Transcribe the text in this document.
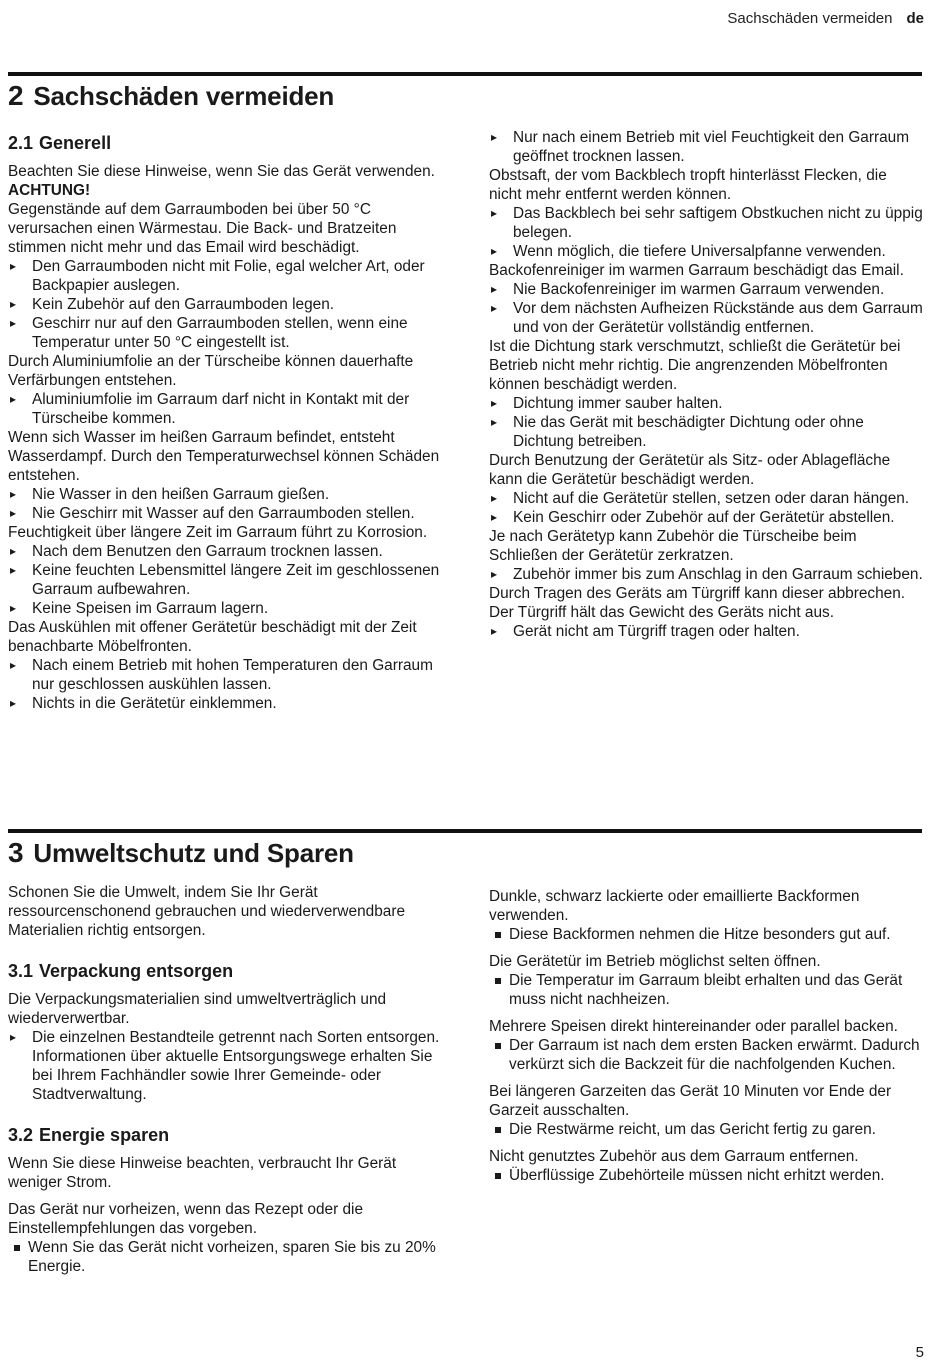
Sachschäden vermeiden de
2 Sachschäden vermeiden
2.1 Generell

Beachten Sie diese Hinweise, wenn Sie das Gerät verwenden.

ACHTUNG!

Gegenstände auf dem Garraumboden bei über 50 °C verursachen einen Wärmestau. Die Back- und Bratzeiten stimmen nicht mehr und das Email wird beschädigt.

▸ Den Garraumboden nicht mit Folie, egal welcher Art, oder Backpapier auslegen.
▸ Kein Zubehör auf den Garraumboden legen.
▸ Geschirr nur auf den Garraumboden stellen, wenn eine Temperatur unter 50 °C eingestellt ist.

Durch Aluminiumfolie an der Türscheibe können dauerhafte Verfärbungen entstehen.

▸ Aluminiumfolie im Garraum darf nicht in Kontakt mit der Türscheibe kommen.

Wenn sich Wasser im heißen Garraum befindet, entsteht Wasserdampf. Durch den Temperaturwechsel können Schäden entstehen.

▸ Nie Wasser in den heißen Garraum gießen.
▸ Nie Geschirr mit Wasser auf den Garraumboden stellen.

Feuchtigkeit über längere Zeit im Garraum führt zu Korrosion.

▸ Nach dem Benutzen den Garraum trocknen lassen.
▸ Keine feuchten Lebensmittel längere Zeit im geschlossenen Garraum aufbewahren.
▸ Keine Speisen im Garraum lagern.

Das Auskühlen mit offener Gerätetür beschädigt mit der Zeit benachbarte Möbelfronten.

▸ Nach einem Betrieb mit hohen Temperaturen den Garraum nur geschlossen auskühlen lassen.
▸ Nichts in die Gerätetür einklemmen.
▸ Nur nach einem Betrieb mit viel Feuchtigkeit den Garraum geöffnet trocknen lassen.

Obstsaft, der vom Backblech tropft hinterlässt Flecken, die nicht mehr entfernt werden können.

▸ Das Backblech bei sehr saftigem Obstkuchen nicht zu üppig belegen.
▸ Wenn möglich, die tiefere Universalpfanne verwenden.

Backofenreiniger im warmen Garraum beschädigt das Email.

▸ Nie Backofenreiniger im warmen Garraum verwenden.
▸ Vor dem nächsten Aufheizen Rückstände aus dem Garraum und von der Gerätetür vollständig entfernen.

Ist die Dichtung stark verschmutzt, schließt die Gerätetür bei Betrieb nicht mehr richtig. Die angrenzenden Möbelfronten können beschädigt werden.

▸ Dichtung immer sauber halten.
▸ Nie das Gerät mit beschädigter Dichtung oder ohne Dichtung betreiben.

Durch Benutzung der Gerätetür als Sitz- oder Ablagefläche kann die Gerätetür beschädigt werden.

▸ Nicht auf die Gerätetür stellen, setzen oder daran hängen.
▸ Kein Geschirr oder Zubehör auf der Gerätetür abstellen.

Je nach Gerätetyp kann Zubehör die Türscheibe beim Schließen der Gerätetür zerkratzen.

▸ Zubehör immer bis zum Anschlag in den Garraum schieben.

Durch Tragen des Geräts am Türgriff kann dieser abbrechen. Der Türgriff hält das Gewicht des Geräts nicht aus.

▸ Gerät nicht am Türgriff tragen oder halten.
3 Umweltschutz und Sparen

Schonen Sie die Umwelt, indem Sie Ihr Gerät ressourcenschonend gebrauchen und wiederverwendbare Materialien richtig entsorgen.

3.1 Verpackung entsorgen

Die Verpackungsmaterialien sind umweltverträglich und wiederverwertbar.

▸ Die einzelnen Bestandteile getrennt nach Sorten entsorgen.
Informationen über aktuelle Entsorgungswege erhalten Sie bei Ihrem Fachhändler sowie Ihrer Gemeinde- oder Stadtverwaltung.
3.2 Energie sparen

Wenn Sie diese Hinweise beachten, verbraucht Ihr Gerät weniger Strom.

Das Gerät nur vorheizen, wenn das Rezept oder die Einstellempfehlungen das vorgeben.

Wenn Sie das Gerät nicht vorheizen, sparen Sie bis zu 20% Energie.

Dunkle, schwarz lackierte oder emaillierte Backformen verwenden.

Diese Backformen nehmen die Hitze besonders gut auf.

Die Gerätetür im Betrieb möglichst selten öffnen.

Die Temperatur im Garraum bleibt erhalten und das Gerät muss nicht nachheizen.

Mehrere Speisen direkt hintereinander oder parallel backen.

Der Garraum ist nach dem ersten Backen erwärmt. Dadurch verkürzt sich die Backzeit für die nachfolgenden Kuchen.

Bei längeren Garzeiten das Gerät 10 Minuten vor Ende der Garzeit ausschalten.

Die Restwärme reicht, um das Gericht fertig zu garen.

Nicht genutztes Zubehör aus dem Garraum entfernen.

Überflüssige Zubehörteile müssen nicht erhitzt werden.
5
